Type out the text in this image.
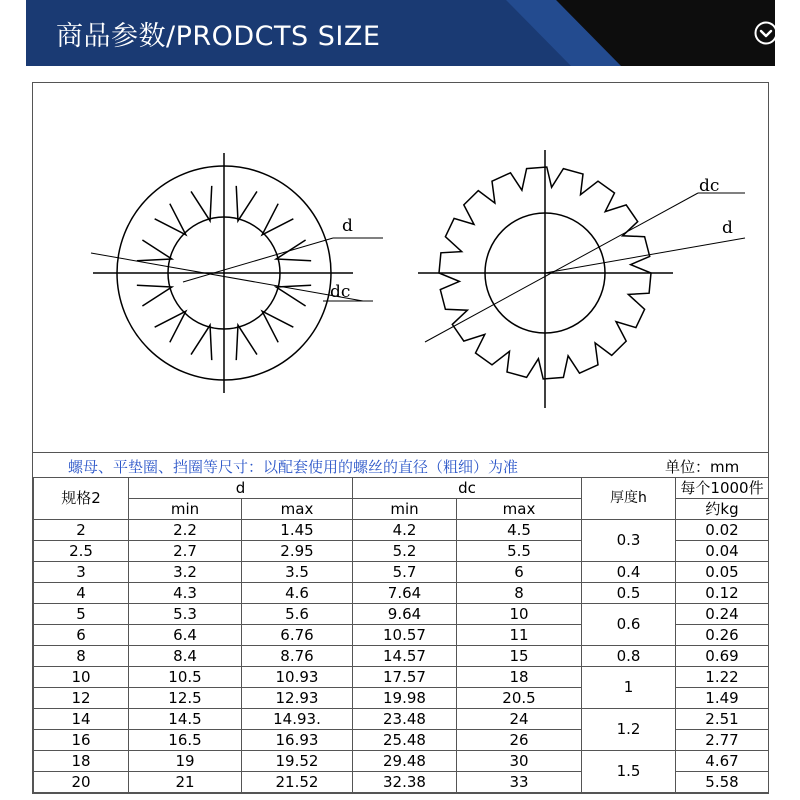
商品参数/PRODCTS SIZE
d
dc
dc
d
螺母、平垫圈、挡圈等尺寸：以配套使用的螺丝的直径（粗细）为准	单位：mm
规格2	d		dc		厚度h	每个1000件
	min	max	min	max		约kg
2	2.2	1.45	4.2	4.5	0.3	0.02
2.5	2.7	2.95	5.2	5.5		0.04
3	3.2	3.5	5.7	6	0.4	0.05
4	4.3	4.6	7.64	8	0.5	0.12
5	5.3	5.6	9.64	10	0.6	0.24
6	6.4	6.76	10.57	11		0.26
8	8.4	8.76	14.57	15	0.8	0.69
10	10.5	10.93	17.57	18	1	1.22
12	12.5	12.93	19.98	20.5		1.49
14	14.5	14.93.	23.48	24	1.2	2.51
16	16.5	16.93	25.48	26		2.77
18	19	19.52	29.48	30	1.5	4.67
20	21	21.52	32.38	33		5.58
